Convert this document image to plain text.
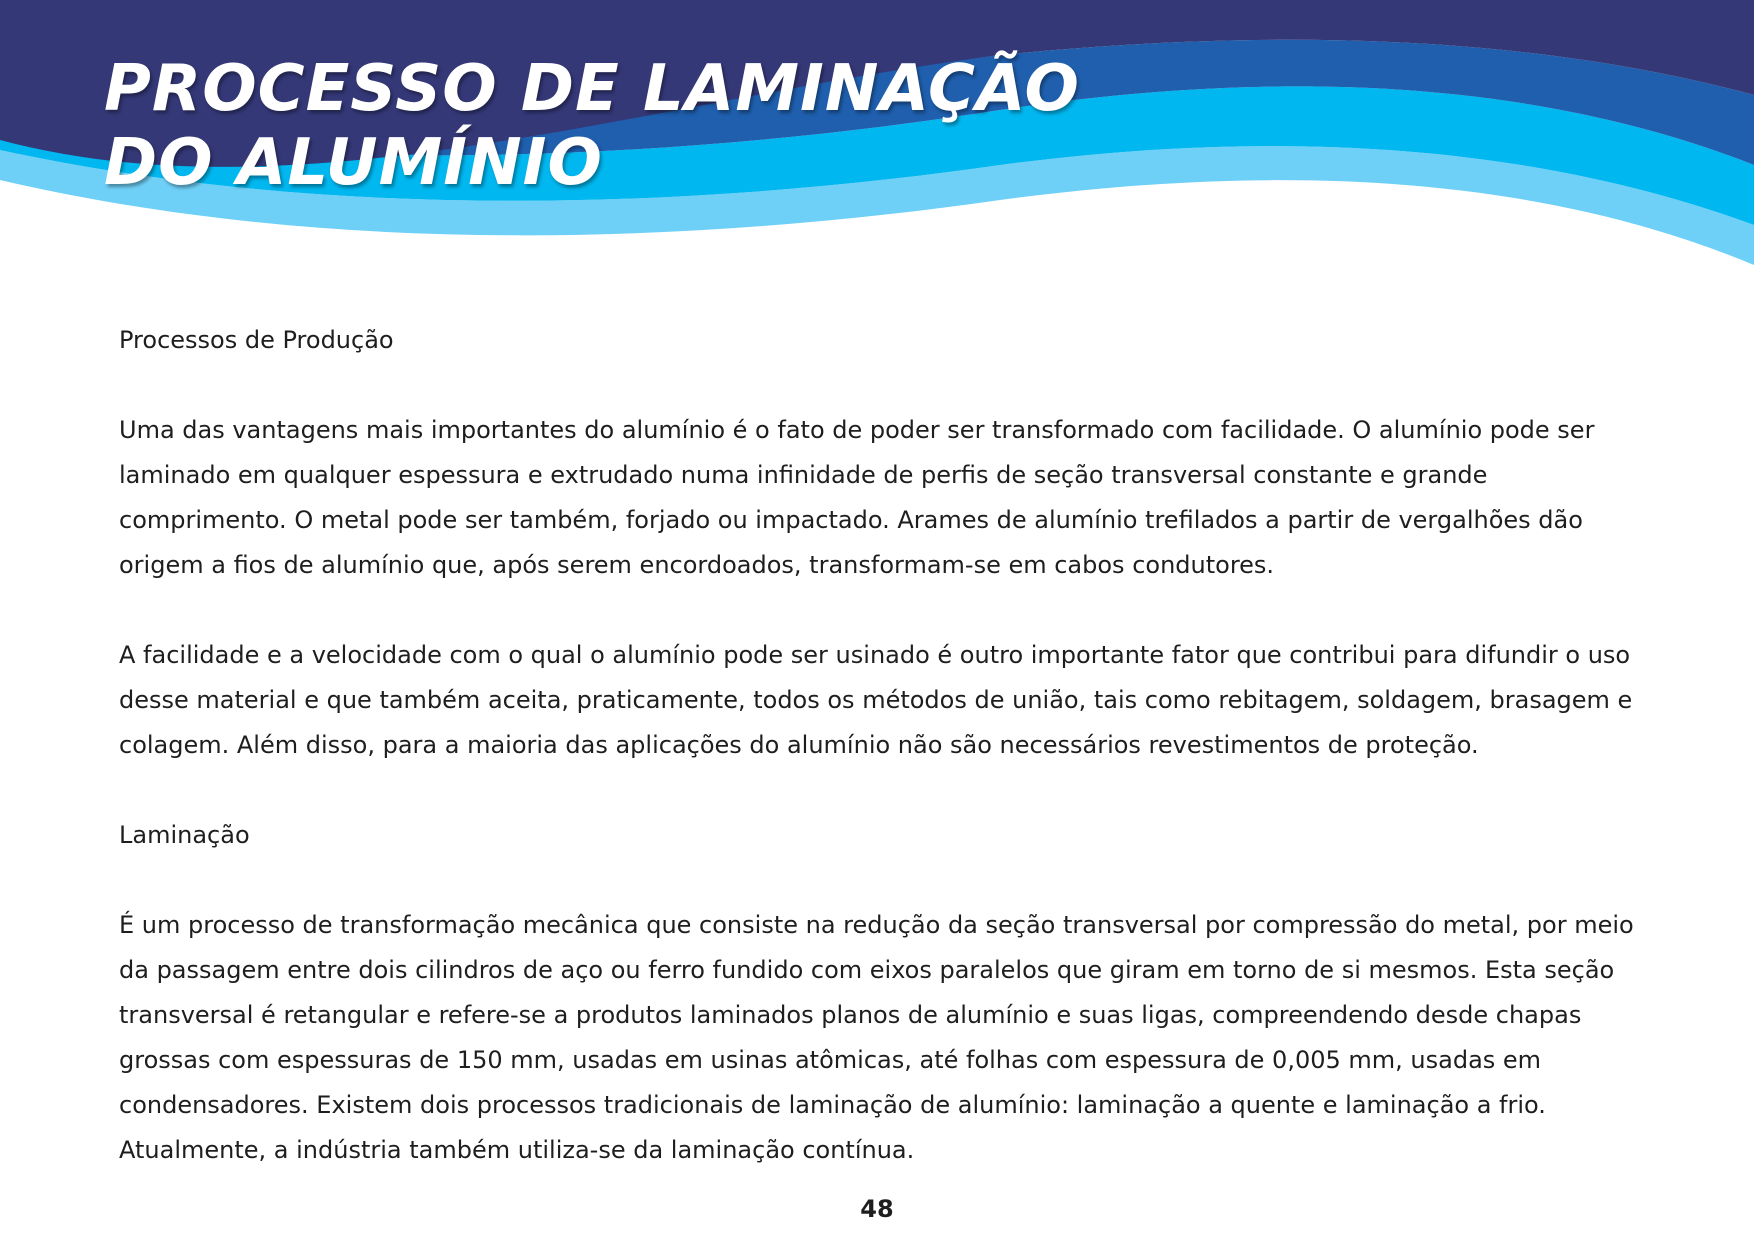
PROCESSO DE LAMINAÇÃO
DO ALUMÍNIO

Processos de Produção

Uma das vantagens mais importantes do alumínio é o fato de poder ser transformado com facilidade. O alumínio pode ser laminado em qualquer espessura e extrudado numa infinidade de perfis de seção transversal constante e grande comprimento. O metal pode ser também, forjado ou impactado. Arames de alumínio trefilados a partir de vergalhões dão origem a fios de alumínio que, após serem encordoados, transformam-se em cabos condutores.

A facilidade e a velocidade com o qual o alumínio pode ser usinado é outro importante fator que contribui para difundir o uso desse material e que também aceita, praticamente, todos os métodos de união, tais como rebitagem, soldagem, brasagem e colagem. Além disso, para a maioria das aplicações do alumínio não são necessários revestimentos de proteção.

Laminação

É um processo de transformação mecânica que consiste na redução da seção transversal por compressão do metal, por meio da passagem entre dois cilindros de aço ou ferro fundido com eixos paralelos que giram em torno de si mesmos. Esta seção transversal é retangular e refere-se a produtos laminados planos de alumínio e suas ligas, compreendendo desde chapas grossas com espessuras de 150 mm, usadas em usinas atômicas, até folhas com espessura de 0,005 mm, usadas em condensadores. Existem dois processos tradicionais de laminação de alumínio: laminação a quente e laminação a frio. Atualmente, a indústria também utiliza-se da laminação contínua.

48
